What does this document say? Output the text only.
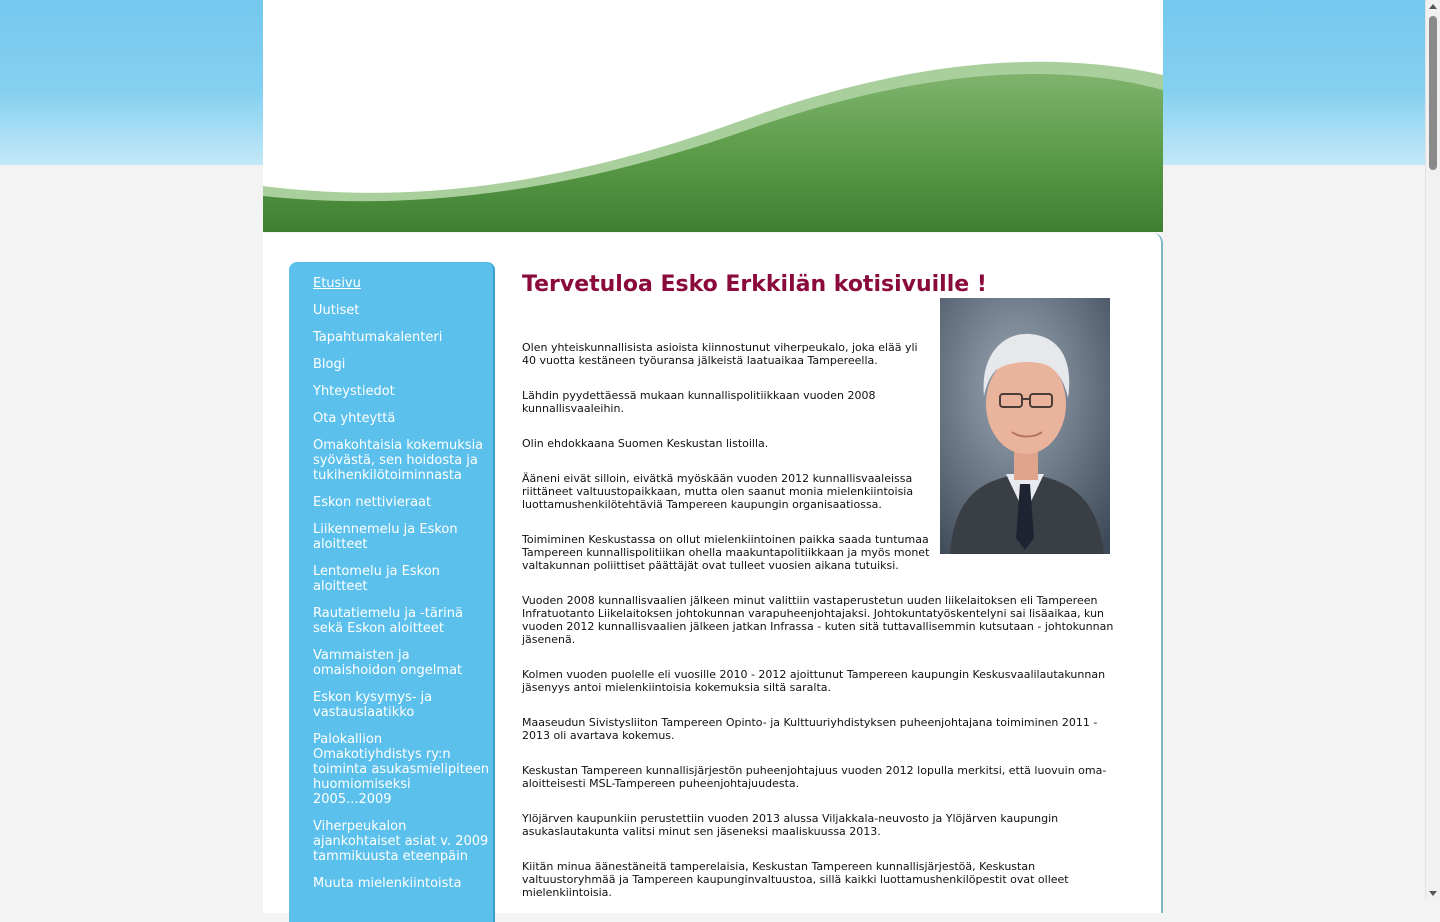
Etusivu
Uutiset
Tapahtumakalenteri
Blogi
Yhteystiedot
Ota yhteyttä
Omakohtaisia kokemuksia syövästä, sen hoidosta ja tukihenkilötoiminnasta
Eskon nettivieraat
Liikennemelu ja Eskon aloitteet
Lentomelu ja Eskon aloitteet
Rautatiemelu ja -tärinä sekä Eskon aloitteet
Vammaisten ja omaishoidon ongelmat
Eskon kysymys- ja vastauslaatikko
Palokallion Omakotiyhdistys ry:n toiminta asukasmielipiteen huomiomiseksi 2005...2009
Viherpeukalon ajankohtaiset asiat v. 2009 tammikuusta eteenpäin
Muuta mielenkiintoista
Tervetuloa Esko Erkkilän kotisivuille !

Olen yhteiskunnallisista asioista kiinnostunut viherpeukalo, joka elää yli 40 vuotta kestäneen työuransa jälkeistä laatuaikaa Tampereella.

Lähdin pyydettäessä mukaan kunnallispolitiikkaan vuoden 2008 kunnallisvaaleihin.

Olin ehdokkaana Suomen Keskustan listoilla.

Ääneni eivät silloin, eivätkä myöskään vuoden 2012 kunnallisvaaleissa riittäneet valtuustopaikkaan, mutta olen saanut monia mielenkiintoisia luottamushenkilötehtäviä Tampereen kaupungin organisaatiossa.

Toimiminen Keskustassa on ollut mielenkiintoinen paikka saada tuntumaa Tampereen kunnallispolitiikan ohella maakuntapolitiikkaan ja myös monet valtakunnan poliittiset päättäjät ovat tulleet vuosien aikana tutuiksi.

Vuoden 2008 kunnallisvaalien jälkeen minut valittiin vastaperustetun uuden liikelaitoksen eli Tampereen Infratuotanto Liikelaitoksen johtokunnan varapuheenjohtajaksi. Johtokuntatyöskentelyni sai lisäaikaa, kun vuoden 2012 kunnallisvaalien jälkeen jatkan Infrassa - kuten sitä tuttavallisemmin kutsutaan - johtokunnan jäsenenä.

Kolmen vuoden puolelle eli vuosille 2010 - 2012 ajoittunut Tampereen kaupungin Keskusvaalilautakunnan jäsenyys antoi mielenkiintoisia kokemuksia siltä saralta.

Maaseudun Sivistysliiton Tampereen Opinto- ja Kulttuuriyhdistyksen puheenjohtajana toimiminen 2011 - 2013 oli avartava kokemus.

Keskustan Tampereen kunnallisjärjestön puheenjohtajuus vuoden 2012 lopulla merkitsi, että luovuin oma-aloitteisesti MSL-Tampereen puheenjohtajuudesta.

Ylöjärven kaupunkiin perustettiin vuoden 2013 alussa Viljakkala-neuvosto ja Ylöjärven kaupungin asukaslautakunta valitsi minut sen jäseneksi maaliskuussa 2013.

Kiitän minua äänestäneitä tamperelaisia, Keskustan Tampereen kunnallisjärjestöä, Keskustan valtuustoryhmää ja Tampereen kaupunginvaltuustoa, sillä kaikki luottamushenkilöpestit ovat olleet mielenkiintoisia.
